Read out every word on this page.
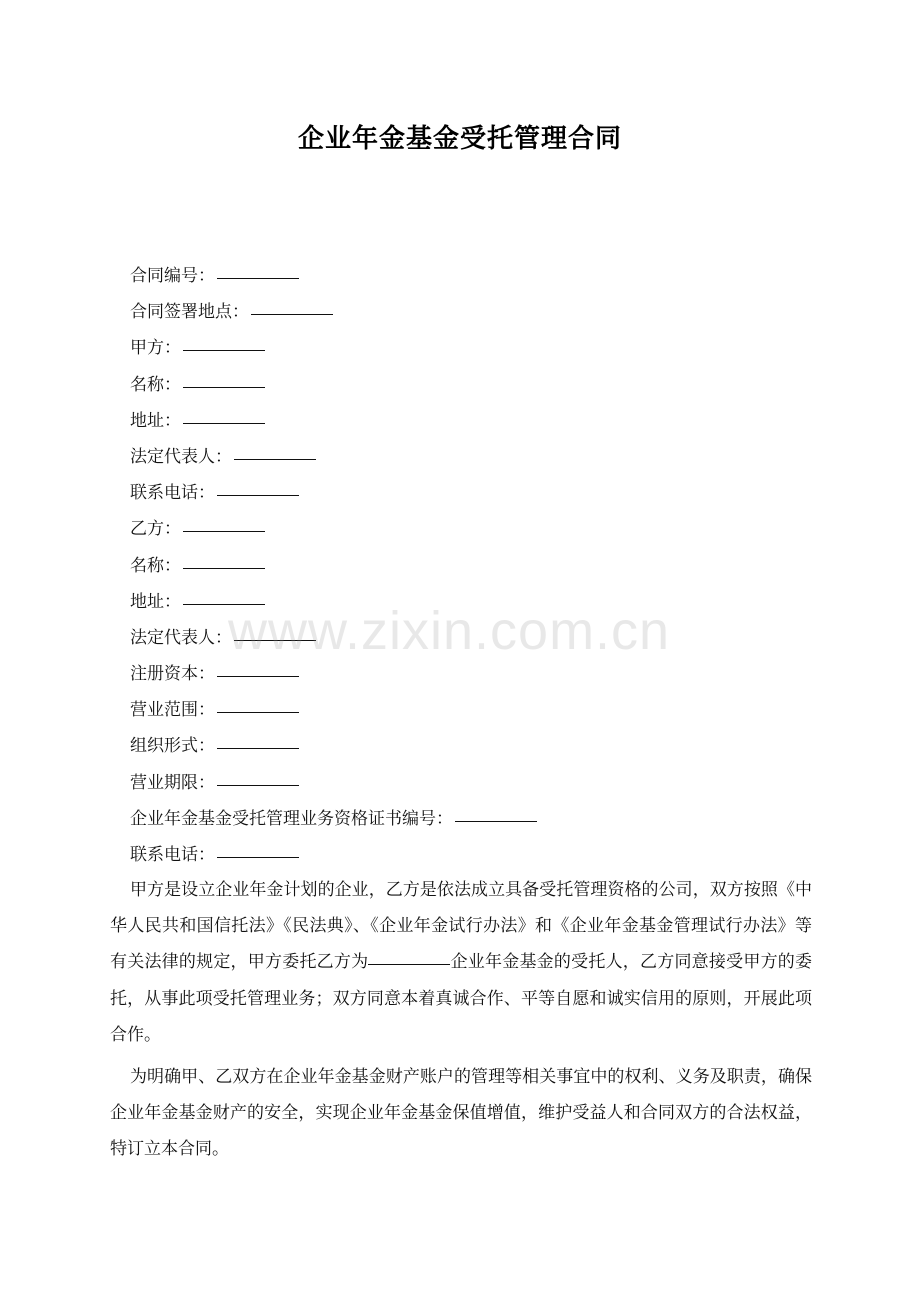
企业年金基金受托管理合同
合同编号：
合同签署地点：
甲方：
名称：
地址：
法定代表人：
联系电话：
乙方：
名称：
地址：
法定代表人：
注册资本：
营业范围：
组织形式：
营业期限：
企业年金基金受托管理业务资格证书编号：
联系电话：

甲方是设立企业年金计划的企业，乙方是依法成立具备受托管理资格的公司，双方按照《中华人民共和国信托法》《民法典》、《企业年金试行办法》和《企业年金基金管理试行办法》等有关法律的规定，甲方委托乙方为	企业年金基金的受托人，乙方同意接受甲方的委托，从事此项受托管理业务；双方同意本着真诚合作、平等自愿和诚实信用的原则，开展此项合作。

为明确甲、乙双方在企业年金基金财产账户的管理等相关事宜中的权利、义务及职责，确保企业年金基金财产的安全，实现企业年金基金保值增值，维护受益人和合同双方的合法权益，特订立本合同。

www.zixin.com.cn
